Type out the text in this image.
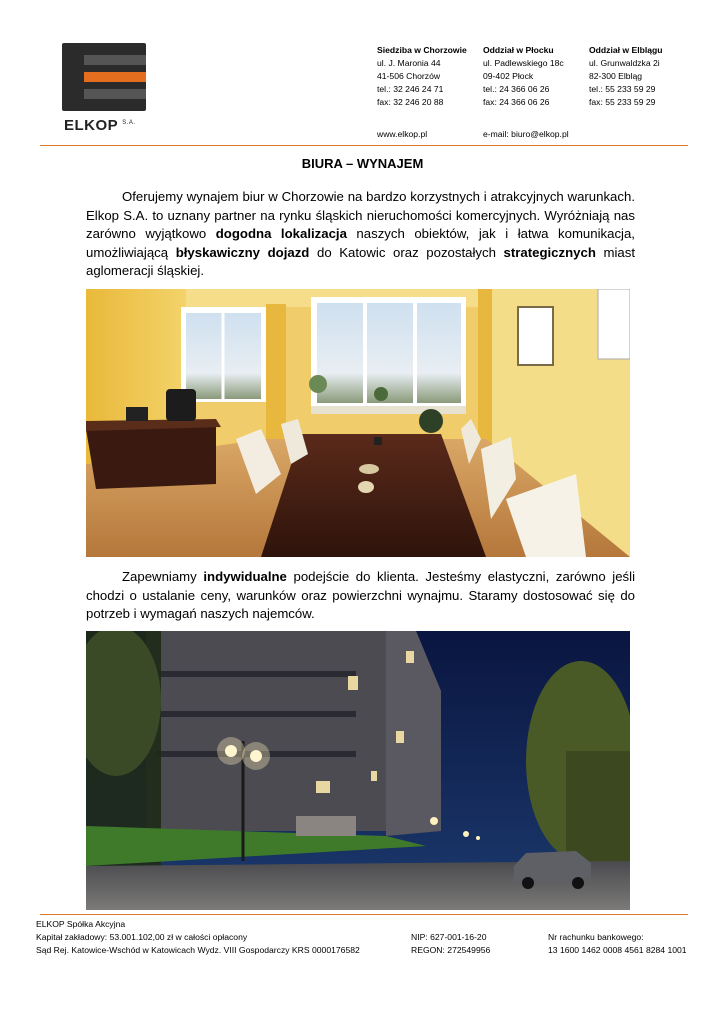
ELKOP $^{S.A.}$
Siedziba w Chorzowie
ul. J. Maronia 44
41-506 Chorzów
tel.: 32 246 24 71
fax: 32 246 20 88
Oddział w Płocku
ul. Padlewskiego 18c
09-402 Płock
tel.: 24 366 06 26
fax: 24 366 06 26
Oddział w Elblągu
ul. Grunwaldzka 2i
82-300 Elbląg
tel.: 55 233 59 29
fax: 55 233 59 29
www.elkop.pl	e-mail: biuro@elkop.pl
BIURA – WYNAJEM

Oferujemy wynajem biur w Chorzowie na bardzo korzystnych i atrakcyjnych warunkach. Elkop S.A. to uznany partner na rynku śląskich nieruchomości komercyjnych. Wyróżniają nas zarówno wyjątkowo dogodna lokalizacja naszych obiektów, jak i łatwa komunikacja, umożliwiającą błyskawiczny dojazd do Katowic oraz pozostałych strategicznych miast aglomeracji śląskiej.

Zapewniamy indywidualne podejście do klienta. Jesteśmy elastyczni, zarówno jeśli chodzi o ustalanie ceny, warunków oraz powierzchni wynajmu. Staramy dostosować się do potrzeb i wymagań naszych najemców.

ELKOP Spółka Akcyjna
Kapitał zakładowy: 53.001.102,00 zł w całości opłacony
Sąd Rej. Katowice-Wschód w Katowicach Wydz. VIII Gospodarczy KRS 0000176582
NIP: 627-001-16-20
REGON: 272549956
Nr rachunku bankowego:
13 1600 1462 0008 4561 8284 1001
